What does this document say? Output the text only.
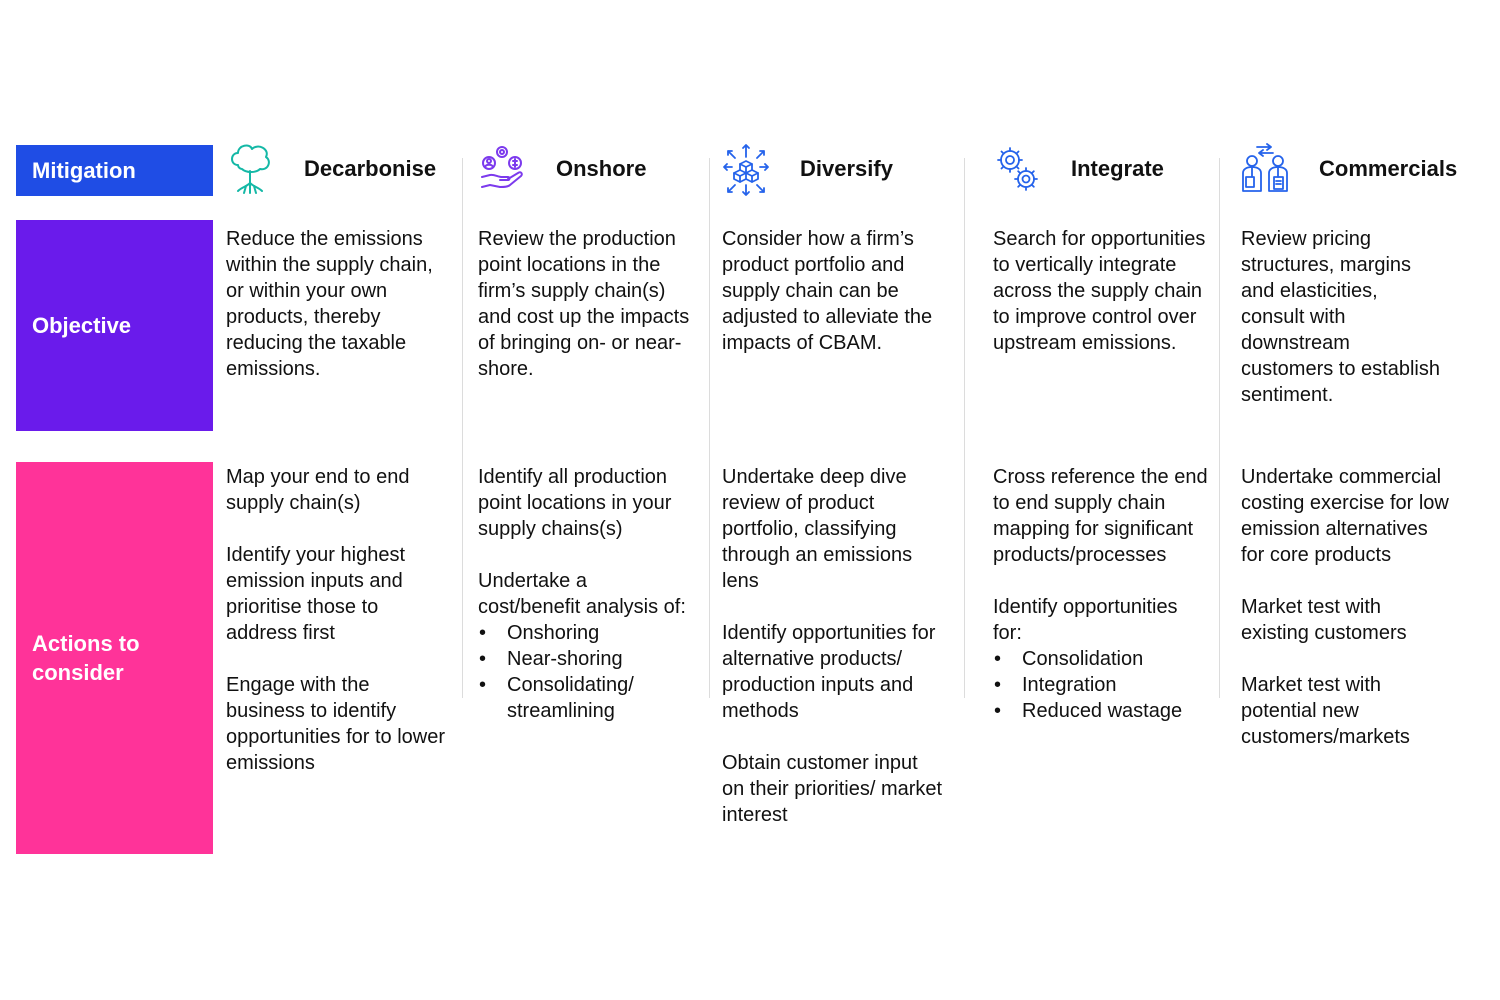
Mitigation
Objective
Actions to consider
Decarbonise

Reduce the emissions within the supply chain, or within your own products, thereby reducing the taxable emissions.

Map your end to end supply chain(s)

Identify your highest emission inputs and prioritise those to address first

Engage with the business to identify opportunities for to lower emissions

Onshore

Review the production point locations in the firm’s supply chain(s) and cost up the impacts of bringing on- or near-shore.

Identify all production point locations in your supply chains(s)

Undertake a cost/benefit analysis of:

• Onshoring
• Near-shoring
• Consolidating/ streamlining
Diversify

Consider how a firm’s product portfolio and supply chain can be adjusted to alleviate the impacts of CBAM.

Undertake deep dive review of product portfolio, classifying through an emissions lens

Identify opportunities for alternative products/ production inputs and methods

Obtain customer input on their priorities/ market interest

Integrate

Search for opportunities to vertically integrate across the supply chain to improve control over upstream emissions.

Cross reference the end to end supply chain mapping for significant products/processes

Identify opportunities for:

• Consolidation
• Integration
• Reduced wastage
Commercials

Review pricing structures, margins and elasticities, consult with downstream customers to establish sentiment.

Undertake commercial costing exercise for low emission alternatives for core products

Market test with existing customers

Market test with potential new customers/markets
